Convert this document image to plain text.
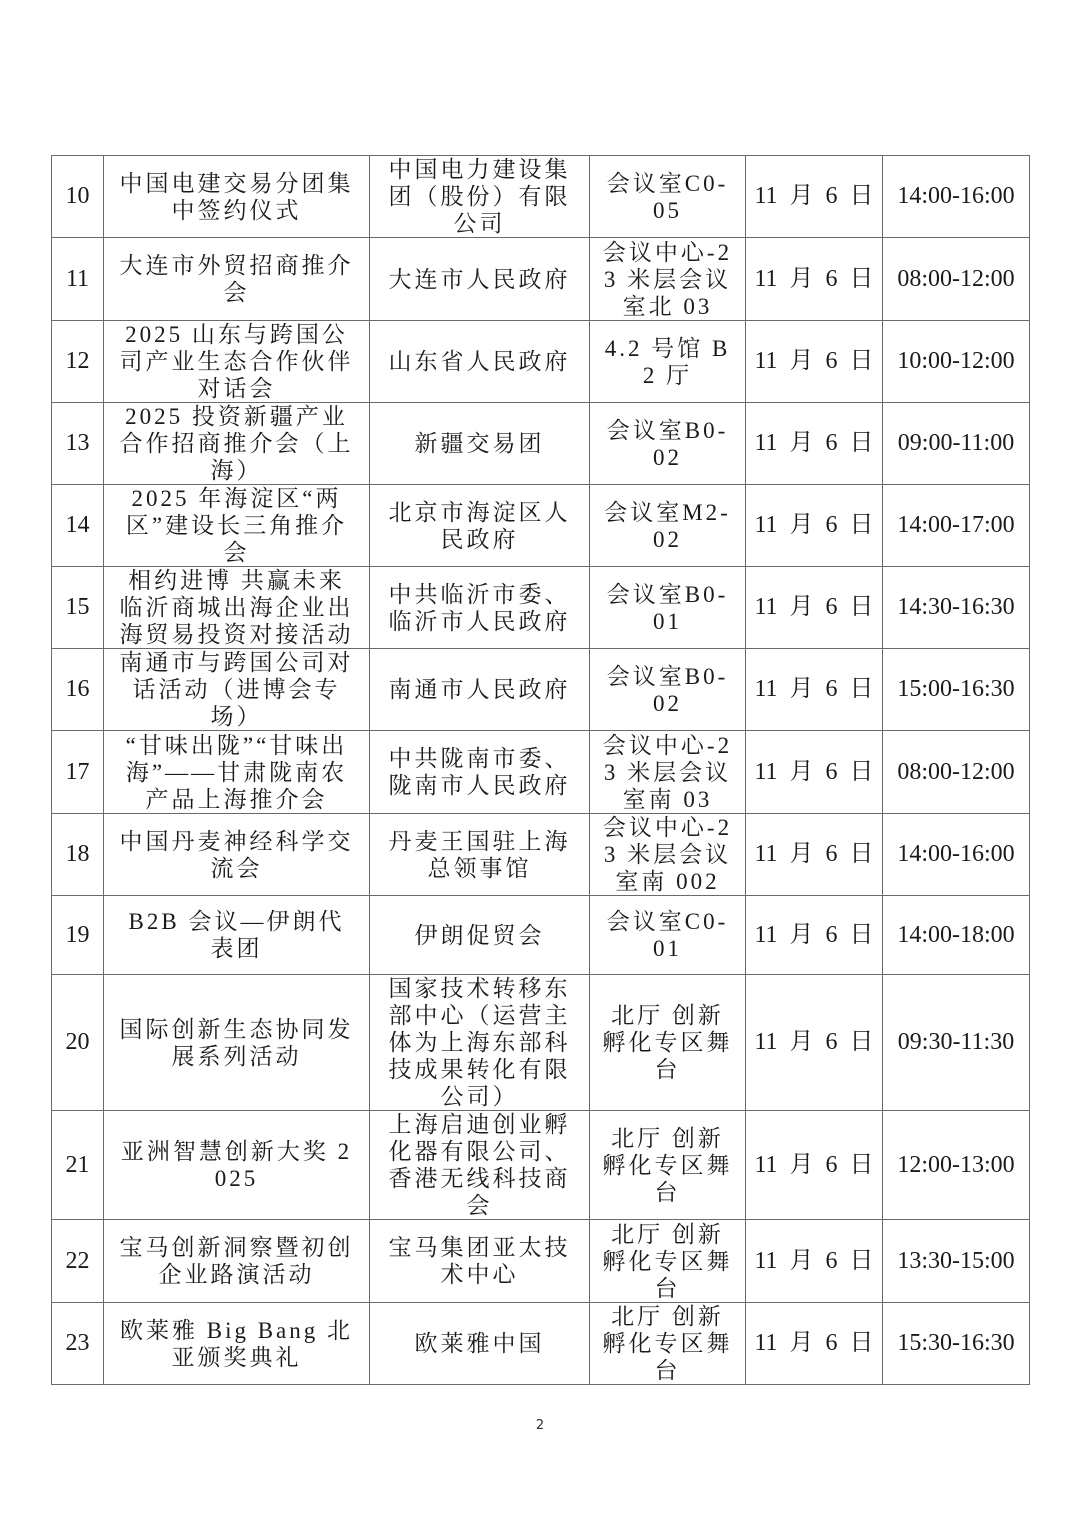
10	中国电建交易分团集中签约仪式	中国电力建设集团（股份）有限公司	会议室C0-05	11 月 6 日	14:00-16:00
11	大连市外贸招商推介会	大连市人民政府	会议中心-23 米层会议室北 03	11 月 6 日	08:00-12:00
12	2025 山东与跨国公司产业生态合作伙伴对话会	山东省人民政府	4.2 号馆 B2 厅	11 月 6 日	10:00-12:00
13	2025 投资新疆产业合作招商推介会（上海）	新疆交易团	会议室B0-02	11 月 6 日	09:00-11:00
14	2025 年海淀区“两区”建设长三角推介会	北京市海淀区人民政府	会议室M2-02	11 月 6 日	14:00-17:00
15	相约进博 共赢未来 临沂商城出海企业出海贸易投资对接活动	中共临沂市委、临沂市人民政府	会议室B0-01	11 月 6 日	14:30-16:30
16	南通市与跨国公司对话活动（进博会专场）	南通市人民政府	会议室B0-02	11 月 6 日	15:00-16:30
17	“甘味出陇”“甘味出海”——甘肃陇南农产品上海推介会	中共陇南市委、陇南市人民政府	会议中心-23 米层会议室南 03	11 月 6 日	08:00-12:00
18	中国丹麦神经科学交流会	丹麦王国驻上海总领事馆	会议中心-23 米层会议室南 002	11 月 6 日	14:00-16:00
19	B2B 会议—伊朗代表团	伊朗促贸会	会议室C0-01	11 月 6 日	14:00-18:00
20	国际创新生态协同发展系列活动	国家技术转移东部中心（运营主体为上海东部科技成果转化有限公司）	北厅 创新孵化专区舞台	11 月 6 日	09:30-11:30
21	亚洲智慧创新大奖 2025	上海启迪创业孵化器有限公司、香港无线科技商会	北厅 创新孵化专区舞台	11 月 6 日	12:00-13:00
22	宝马创新洞察暨初创企业路演活动	宝马集团亚太技术中心	北厅 创新孵化专区舞台	11 月 6 日	13:30-15:00
23	欧莱雅 Big Bang 北亚颁奖典礼	欧莱雅中国	北厅 创新孵化专区舞台	11 月 6 日	15:30-16:30
2
